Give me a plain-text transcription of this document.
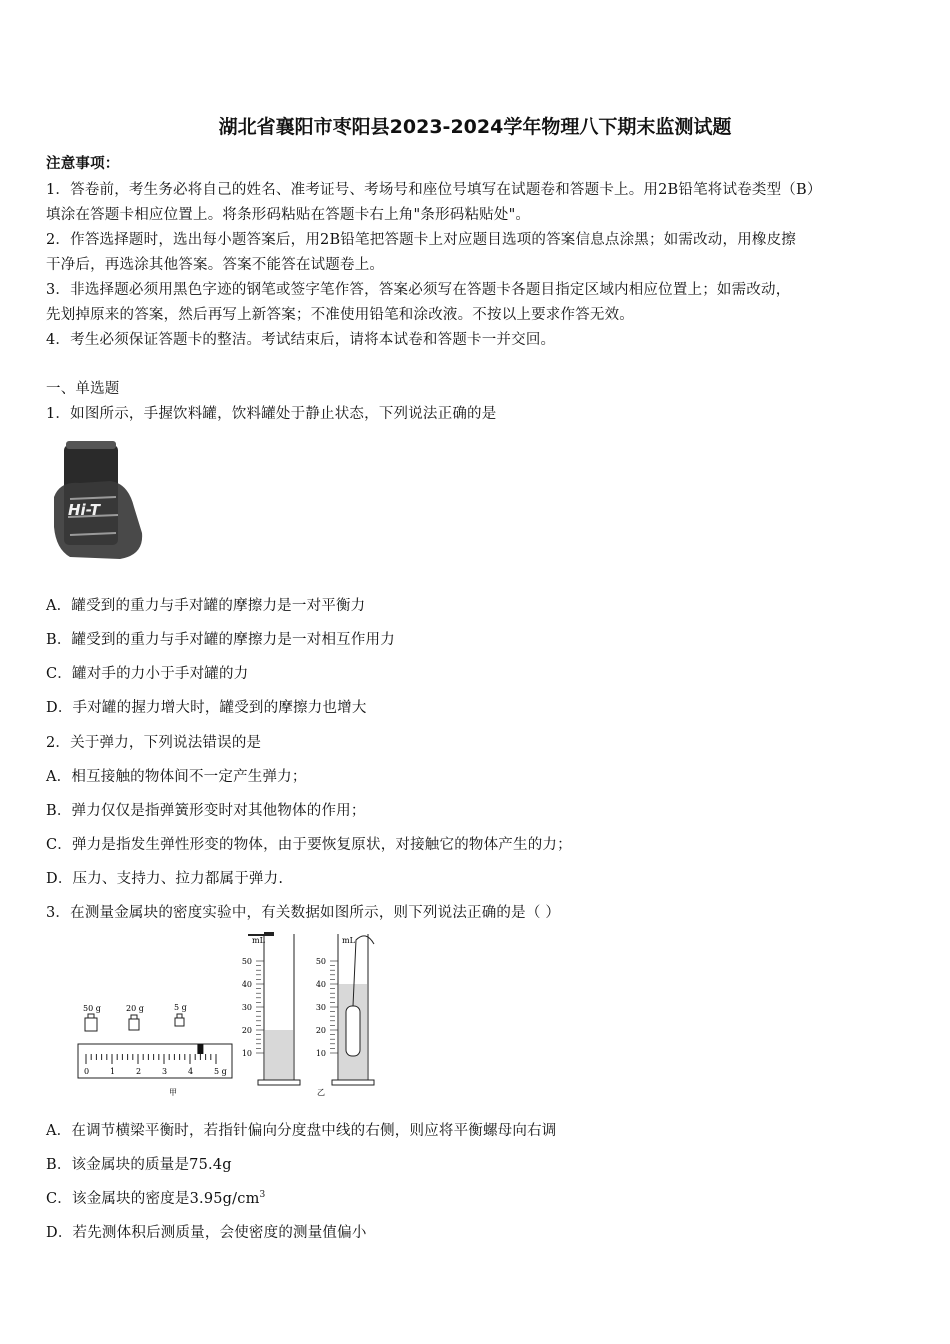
湖北省襄阳市枣阳县2023-2024学年物理八下期末监测试题
注意事项：
1．答卷前，考生务必将自己的姓名、准考证号、考场号和座位号填写在试题卷和答题卡上。用2B铅笔将试卷类型（B）
填涂在答题卡相应位置上。将条形码粘贴在答题卡右上角"条形码粘贴处"。
2．作答选择题时，选出每小题答案后，用2B铅笔把答题卡上对应题目选项的答案信息点涂黑；如需改动，用橡皮擦
干净后，再选涂其他答案。答案不能答在试题卷上。
3．非选择题必须用黑色字迹的钢笔或签字笔作答，答案必须写在答题卡各题目指定区域内相应位置上；如需改动，
先划掉原来的答案，然后再写上新答案；不准使用铅笔和涂改液。不按以上要求作答无效。
4．考生必须保证答题卡的整洁。考试结束后，请将本试卷和答题卡一并交回。
一、单选题
1．如图所示，手握饮料罐，饮料罐处于静止状态，下列说法正确的是
Hi-T
A．罐受到的重力与手对罐的摩擦力是一对平衡力
B．罐受到的重力与手对罐的摩擦力是一对相互作用力
C．罐对手的力小于手对罐的力
D．手对罐的握力增大时，罐受到的摩擦力也增大
2．关于弹力，下列说法错误的是
A．相互接触的物体间不一定产生弹力；
B．弹力仅仅是指弹簧形变时对其他物体的作用；
C．弹力是指发生弹性形变的物体，由于要恢复原状，对接触它的物体产生的力；
D．压力、支持力、拉力都属于弹力.
3．在测量金属块的密度实验中，有关数据如图所示，则下列说法正确的是（ ）
50 g	20 g	5 g
0	1	2	3	4	5 g
甲
mL
50
40
30
20
10
mL
50
40
30
20
10
乙
A．在调节横梁平衡时，若指针偏向分度盘中线的右侧，则应将平衡螺母向右调
B．该金属块的质量是75.4g
C．该金属块的密度是$3.95g/cm^3$
D．若先测体积后测质量，会使密度的测量值偏小
